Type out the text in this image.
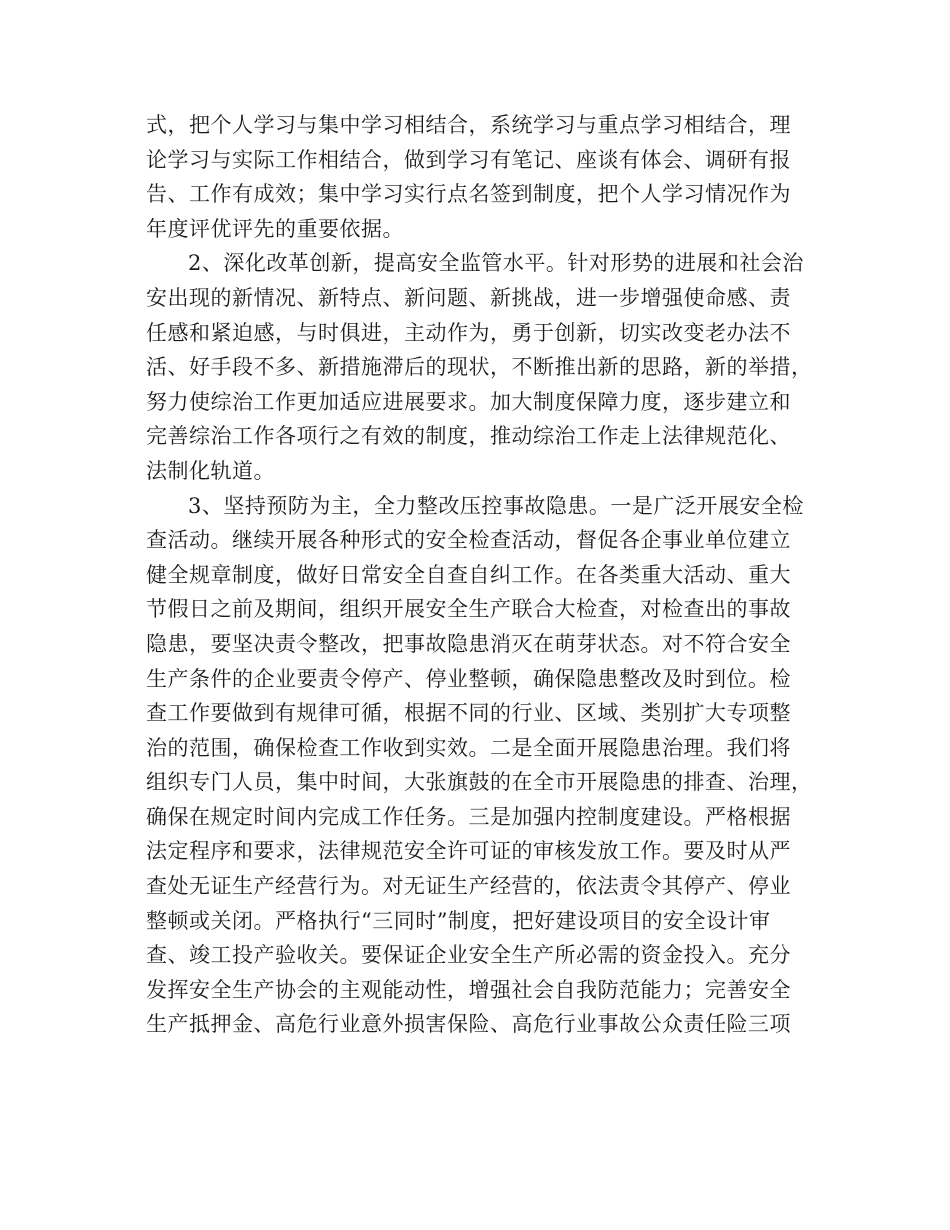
式，把个人学习与集中学习相结合，系统学习与重点学习相结合，理
论学习与实际工作相结合，做到学习有笔记、座谈有体会、调研有报
告、工作有成效；集中学习实行点名签到制度，把个人学习情况作为
年度评优评先的重要依据。
2、深化改革创新，提高安全监管水平。针对形势的进展和社会治
安出现的新情况、新特点、新问题、新挑战，进一步增强使命感、责
任感和紧迫感，与时俱进，主动作为，勇于创新，切实改变老办法不
活、好手段不多、新措施滞后的现状，不断推出新的思路，新的举措，
努力使综治工作更加适应进展要求。加大制度保障力度，逐步建立和
完善综治工作各项行之有效的制度，推动综治工作走上法律规范化、
法制化轨道。
3、坚持预防为主，全力整改压控事故隐患。一是广泛开展安全检
查活动。继续开展各种形式的安全检查活动，督促各企事业单位建立
健全规章制度，做好日常安全自查自纠工作。在各类重大活动、重大
节假日之前及期间，组织开展安全生产联合大检查，对检查出的事故
隐患，要坚决责令整改，把事故隐患消灭在萌芽状态。对不符合安全
生产条件的企业要责令停产、停业整顿，确保隐患整改及时到位。检
查工作要做到有规律可循，根据不同的行业、区域、类别扩大专项整
治的范围，确保检查工作收到实效。二是全面开展隐患治理。我们将
组织专门人员，集中时间，大张旗鼓的在全市开展隐患的排查、治理，
确保在规定时间内完成工作任务。三是加强内控制度建设。严格根据
法定程序和要求，法律规范安全许可证的审核发放工作。要及时从严
查处无证生产经营行为。对无证生产经营的，依法责令其停产、停业
整顿或关闭。严格执行“三同时”制度，把好建设项目的安全设计审
查、竣工投产验收关。要保证企业安全生产所必需的资金投入。充分
发挥安全生产协会的主观能动性，增强社会自我防范能力；完善安全
生产抵押金、高危行业意外损害保险、高危行业事故公众责任险三项
